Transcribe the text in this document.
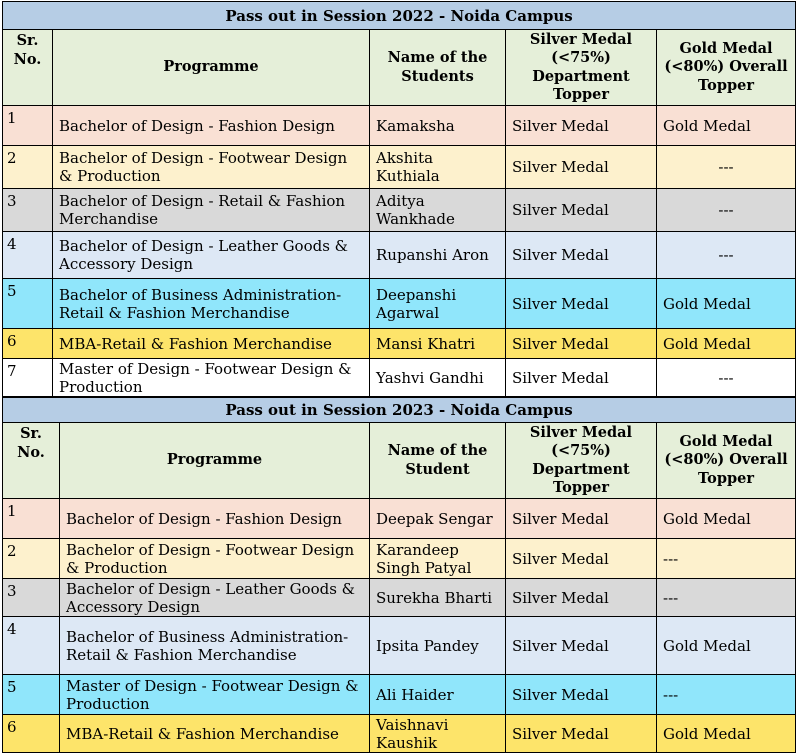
Pass out in Session 2022 - Noida Campus				
Sr.
No.	Programme	Name of the Students	Silver Medal (<75%) Department Topper	Gold Medal (<80%) Overall Topper
1	Bachelor of Design - Fashion Design	Kamaksha	Silver Medal	Gold Medal
2	Bachelor of Design - Footwear Design & Production	Akshita Kuthiala	Silver Medal	---
3	Bachelor of Design - Retail & Fashion Merchandise	Aditya Wankhade	Silver Medal	---
4	Bachelor of Design - Leather Goods & Accessory Design	Rupanshi Aron	Silver Medal	---
5	Bachelor of Business Administration- Retail & Fashion Merchandise	Deepanshi Agarwal	Silver Medal	Gold Medal
6	MBA-Retail & Fashion Merchandise	Mansi Khatri	Silver Medal	Gold Medal
7	Master of Design - Footwear Design & Production	Yashvi Gandhi	Silver Medal	---
Pass out in Session 2023 - Noida Campus				
Sr.
No.	Programme	Name of the Student	Silver Medal (<75%) Department Topper	Gold Medal (<80%) Overall Topper
1	Bachelor of Design - Fashion Design	Deepak Sengar	Silver Medal	Gold Medal
2	Bachelor of Design - Footwear Design & Production	Karandeep Singh Patyal	Silver Medal	---
3	Bachelor of Design - Leather Goods & Accessory Design	Surekha Bharti	Silver Medal	---
4	Bachelor of Business Administration- Retail & Fashion Merchandise	Ipsita Pandey	Silver Medal	Gold Medal
5	Master of Design - Footwear Design & Production	Ali Haider	Silver Medal	---
6	MBA-Retail & Fashion Merchandise	Vaishnavi Kaushik	Silver Medal	Gold Medal
